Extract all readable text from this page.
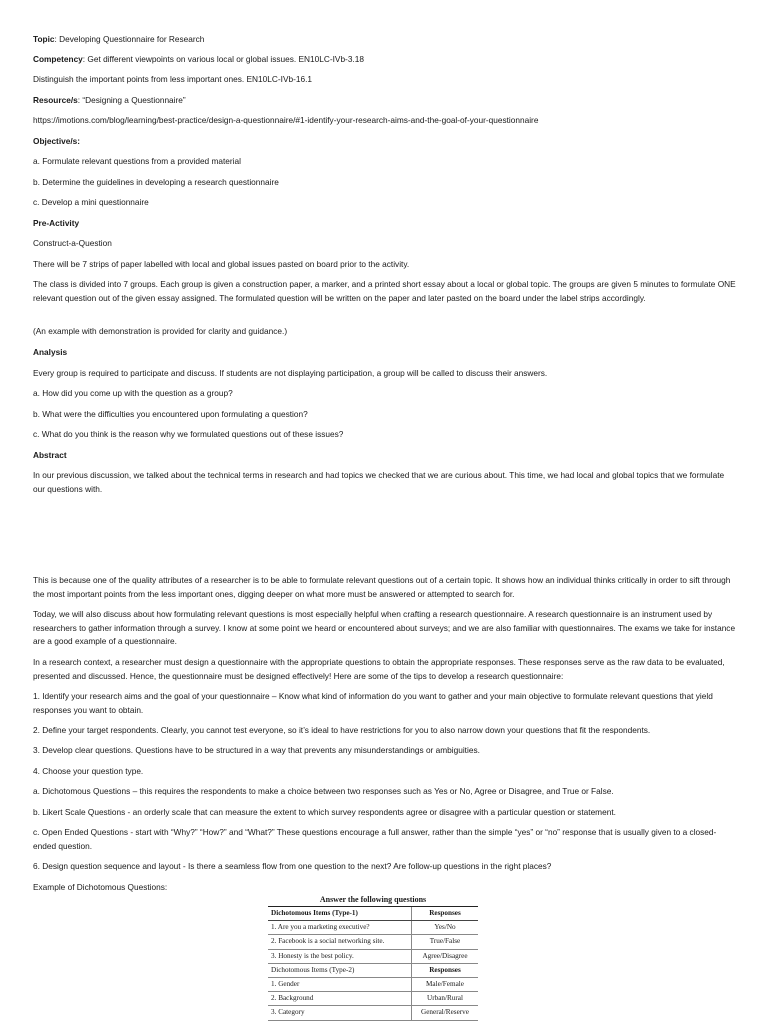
Topic: Developing Questionnaire for Research
Competency: Get different viewpoints on various local or global issues. EN10LC-IVb-3.18
Distinguish the important points from less important ones. EN10LC-IVb-16.1
Resource/s: “Designing a Questionnaire”
https://imotions.com/blog/learning/best-practice/design-a-questionnaire/#1-identify-your-research-aims-and-the-goal-of-your-questionnaire
Objective/s:
a. Formulate relevant questions from a provided material
b. Determine the guidelines in developing a research questionnaire
c. Develop a mini questionnaire
Pre-Activity
Construct-a-Question
There will be 7 strips of paper labelled with local and global issues pasted on board prior to the activity.
The class is divided into 7 groups. Each group is given a construction paper, a marker, and a printed short essay about a local or global topic. The groups are given 5 minutes to formulate ONE relevant question out of the given essay assigned. The formulated question will be written on the paper and later pasted on the board under the label strips accordingly.
(An example with demonstration is provided for clarity and guidance.)
Analysis
Every group is required to participate and discuss. If students are not displaying participation, a group will be called to discuss their answers.
a. How did you come up with the question as a group?
b. What were the difficulties you encountered upon formulating a question?
c. What do you think is the reason why we formulated questions out of these issues?
Abstract
In our previous discussion, we talked about the technical terms in research and had topics we checked that we are curious about. This time, we had local and global topics that we formulate our questions with.
This is because one of the quality attributes of a researcher is to be able to formulate relevant questions out of a certain topic. It shows how an individual thinks critically in order to sift through the most important points from the less important ones, digging deeper on what more must be answered or attempted to search for.
Today, we will also discuss about how formulating relevant questions is most especially helpful when crafting a research questionnaire. A research questionnaire is an instrument used by researchers to gather information through a survey. I know at some point we heard or encountered about surveys; and we are also familiar with questionnaires. The exams we take for instance are a good example of a questionnaire.
In a research context, a researcher must design a questionnaire with the appropriate questions to obtain the appropriate responses. These responses serve as the raw data to be evaluated, presented and discussed. Hence, the questionnaire must be designed effectively! Here are some of the tips to develop a research questionnaire:
1. Identify your research aims and the goal of your questionnaire – Know what kind of information do you want to gather and your main objective to formulate relevant questions that yield responses you want to obtain.
2. Define your target respondents. Clearly, you cannot test everyone, so it’s ideal to have restrictions for you to also narrow down your questions that fit the respondents.
3. Develop clear questions. Questions have to be structured in a way that prevents any misunderstandings or ambiguities.
4. Choose your question type.
a. Dichotomous Questions – this requires the respondents to make a choice between two responses such as Yes or No, Agree or Disagree, and True or False.
b. Likert Scale Questions - an orderly scale that can measure the extent to which survey respondents agree or disagree with a particular question or statement.
c. Open Ended Questions - start with “Why?” “How?” and “What?” These questions encourage a full answer, rather than the simple “yes” or “no” response that is usually given to a closed-ended question.
6. Design question sequence and layout - Is there a seamless flow from one question to the next? Are follow-up questions in the right places?
Example of Dichotomous Questions:
Answer the following questions
Dichotomous Items (Type-1)	Responses
1. Are you a marketing executive?	Yes/No
2. Facebook is a social networking site.	True/False
3. Honesty is the best policy.	Agree/Disagree
Dichotomous Items (Type-2)	Responses
1. Gender	Male/Female
2. Background	Urban/Rural
3. Category	General/Reserve
